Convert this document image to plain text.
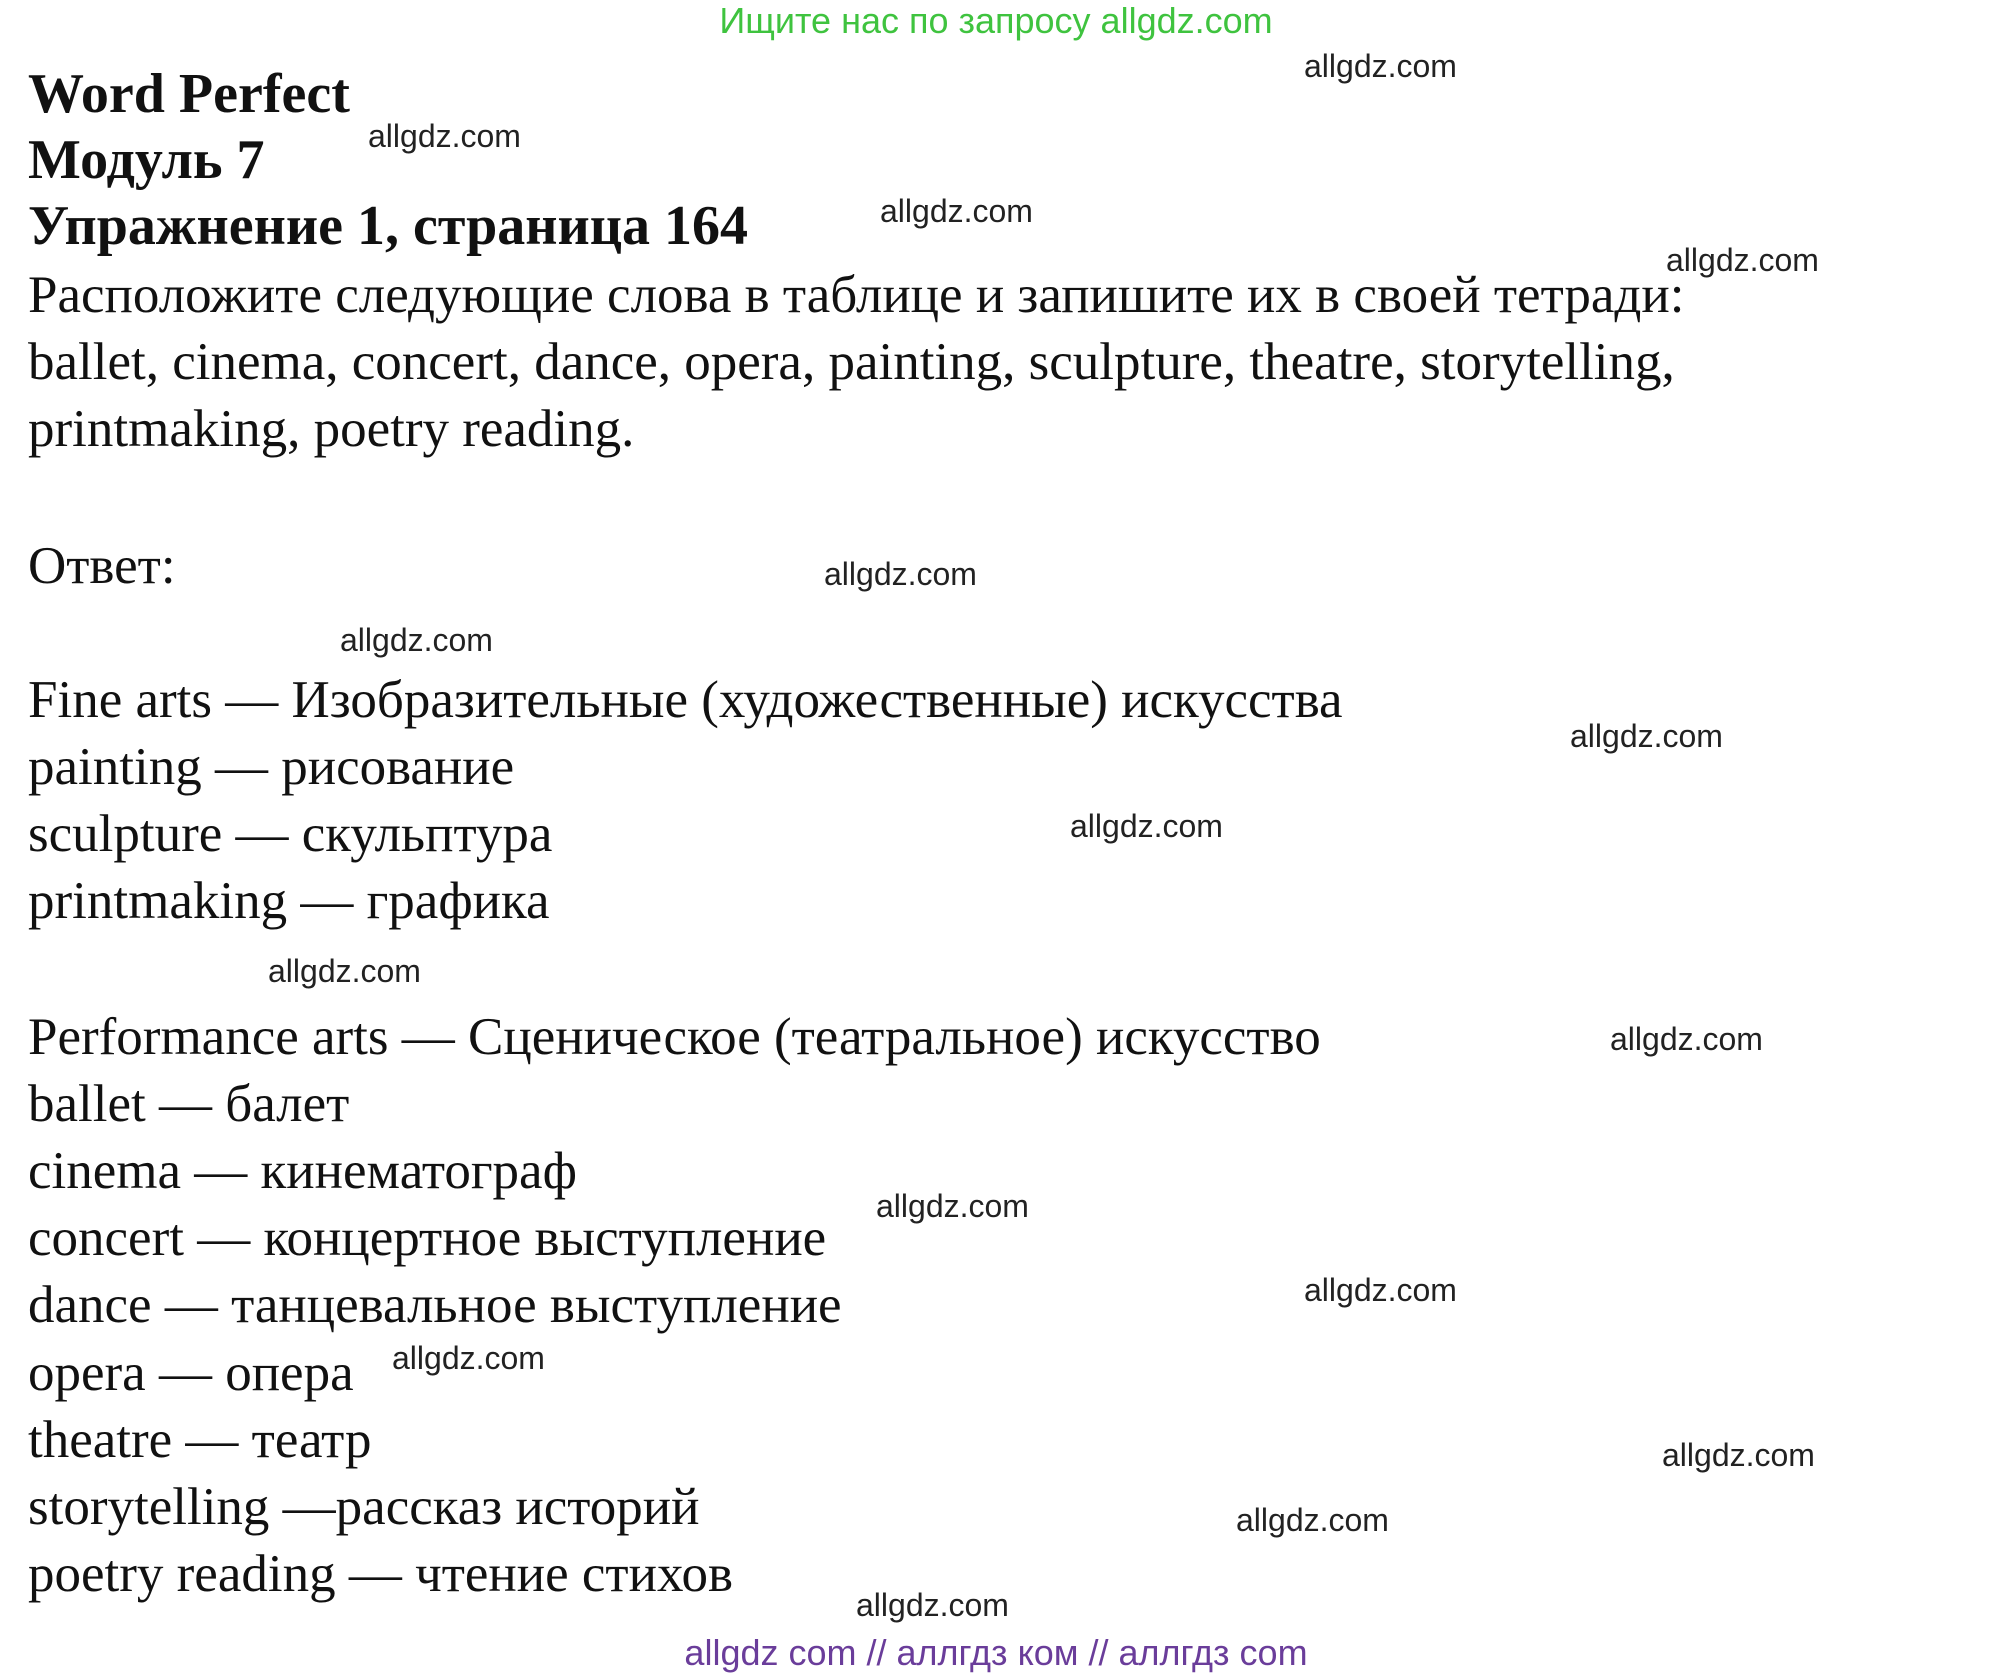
Ищите нас по запросу allgdz.com
Word Perfect
Модуль 7
Упражнение 1, страница 164
Расположите следующие слова в таблице и запишите их в своей тетради:
ballet, cinema, concert, dance, opera, painting, sculpture, theatre, storytelling,
printmaking, poetry reading.
Ответ:
Fine arts — Изобразительные (художественные) искусства
painting — рисование
sculpture — скульптура
printmaking — графика
Performance arts — Сценическое (театральное) искусство
ballet — балет
cinema — кинематограф
concert — концертное выступление
dance — танцевальное выступление
opera — опера
theatre — театр
storytelling —рассказ историй
poetry reading — чтение стихов
allgdz.com
allgdz.com
allgdz.com
allgdz.com
allgdz.com
allgdz.com
allgdz.com
allgdz.com
allgdz.com
allgdz.com
allgdz.com
allgdz.com
allgdz.com
allgdz.com
allgdz.com
allgdz.com
allgdz com // аллгдз ком // аллгдз com
